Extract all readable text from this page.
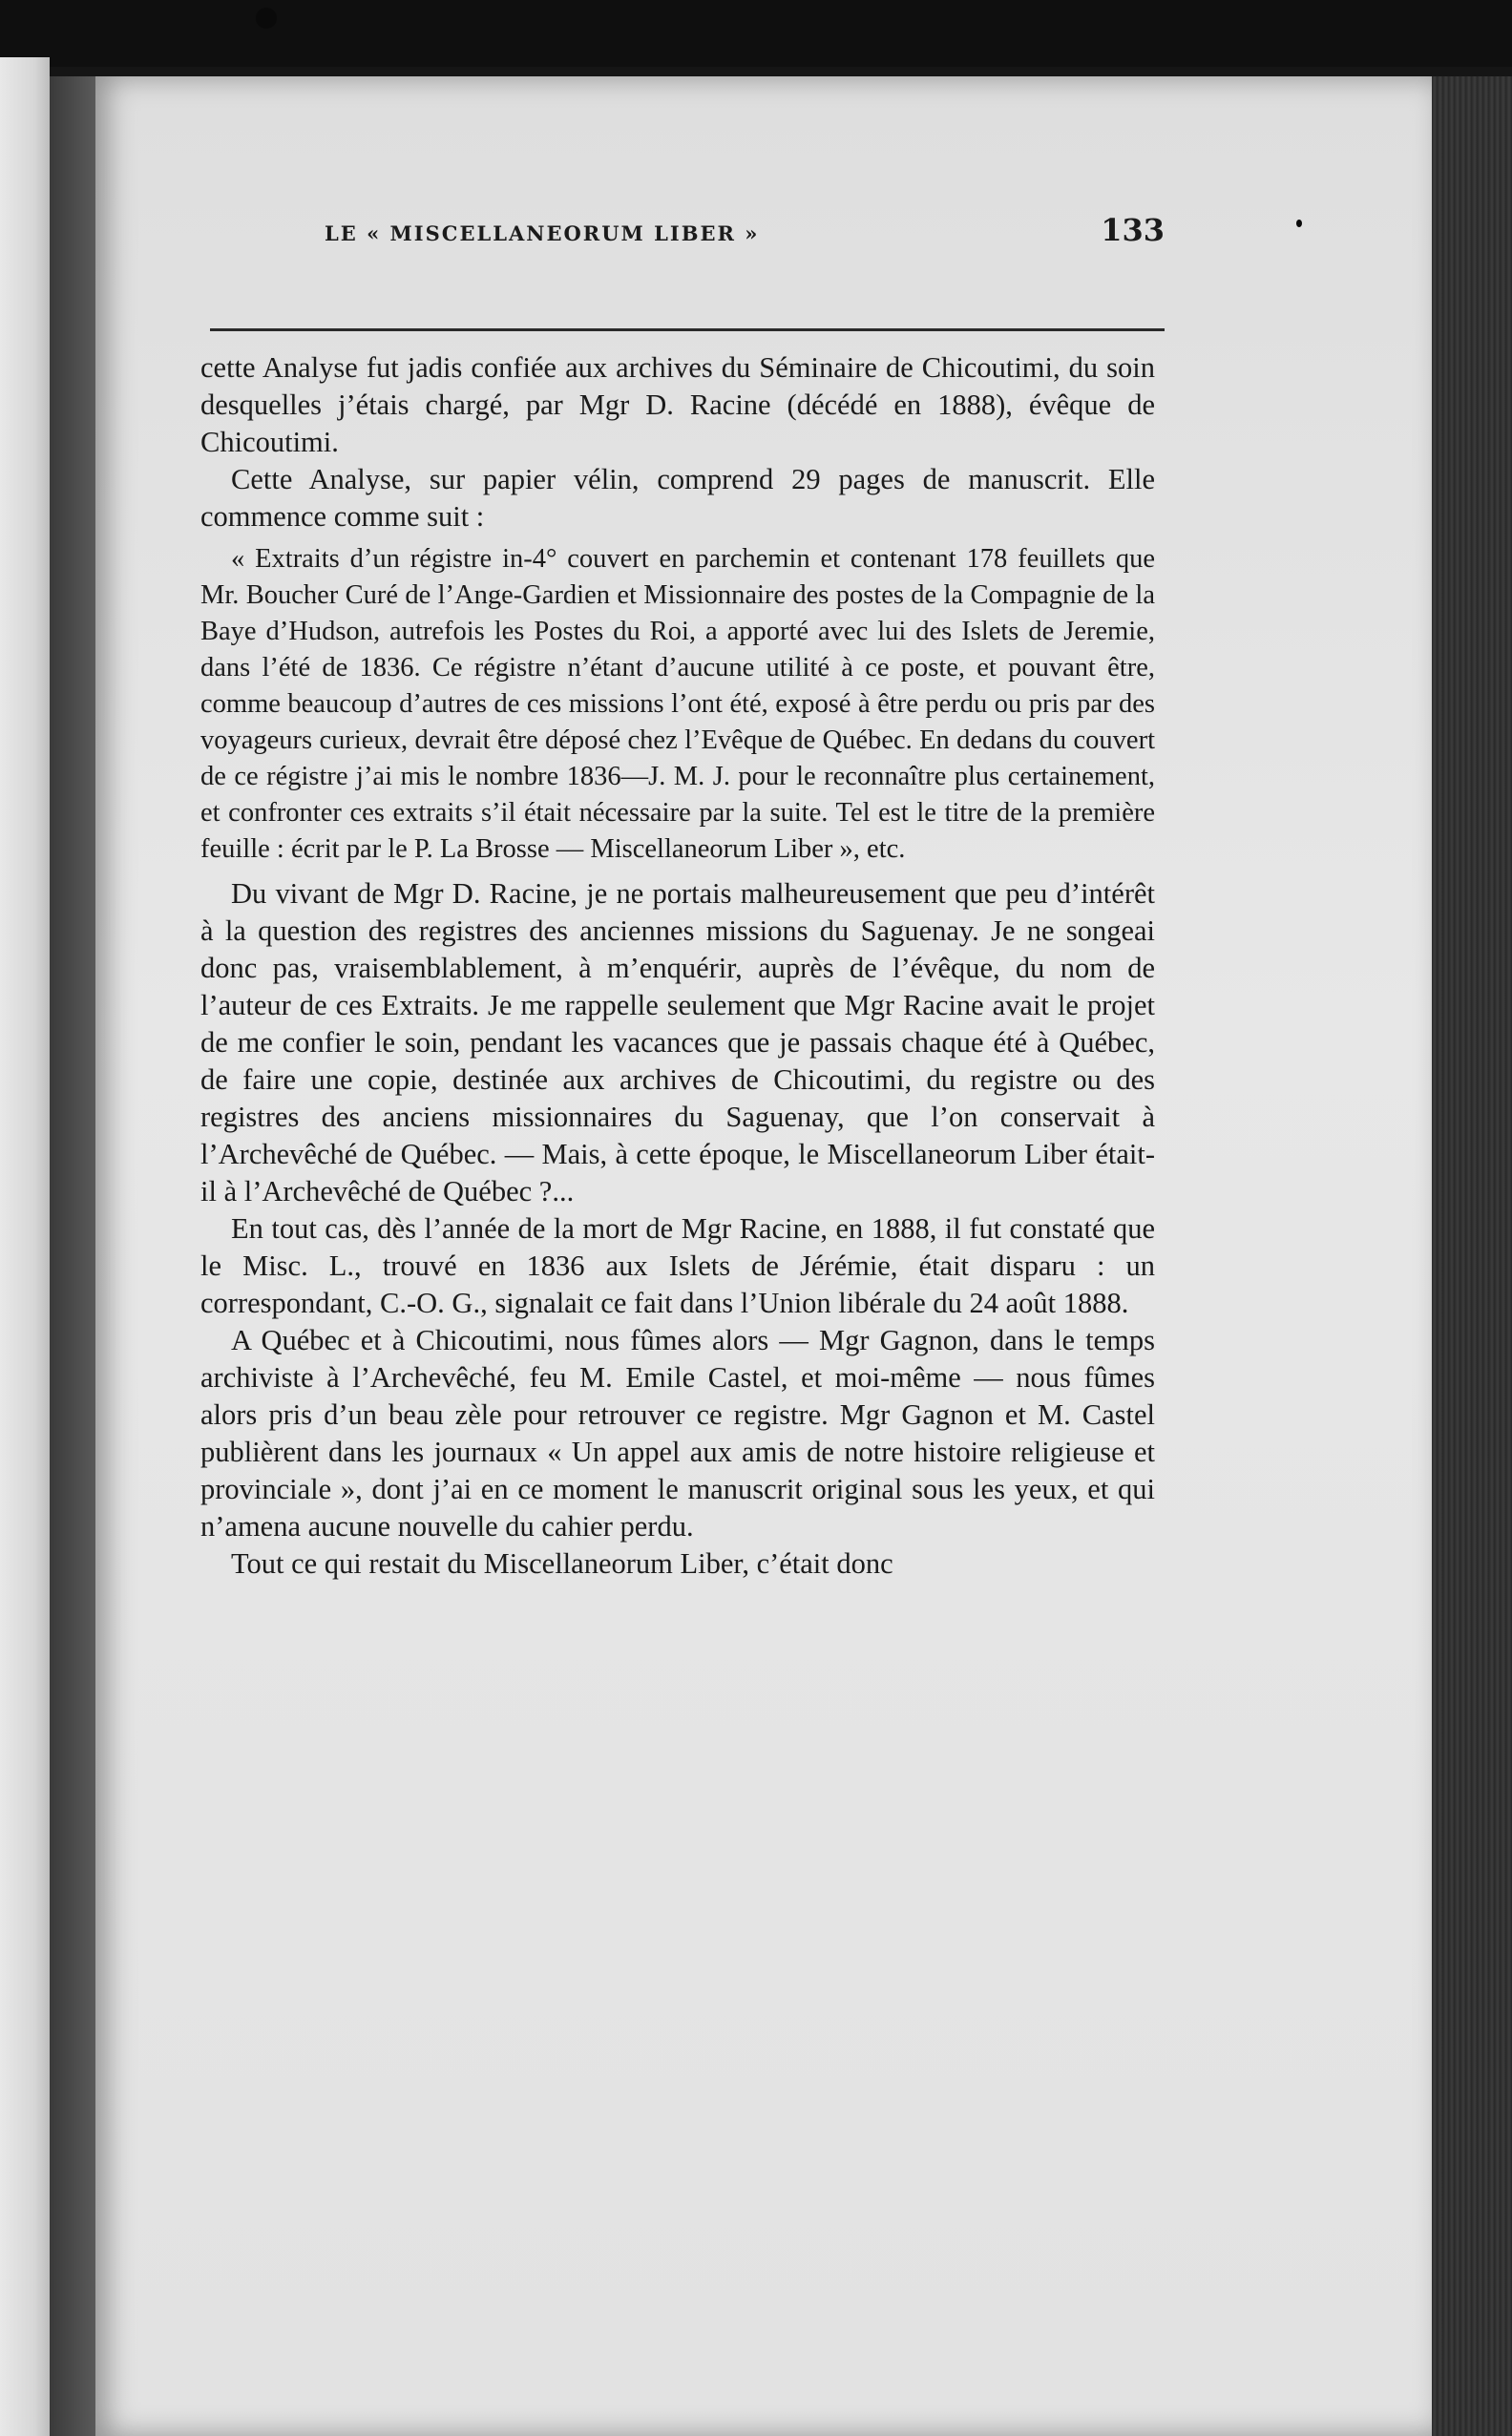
LE « MISCELLANEORUM LIBER »	133

cette Analyse fut jadis confiée aux archives du Séminaire de Chicoutimi, du soin desquelles j’étais chargé, par Mgr D. Racine (décédé en 1888), évêque de Chicoutimi.

Cette Analyse, sur papier vélin, comprend 29 pages de manuscrit. Elle commence comme suit :

« Extraits d’un régistre in-4° couvert en parchemin et contenant 178 feuillets que Mr. Boucher Curé de l’Ange-Gardien et Missionnaire des postes de la Compagnie de la Baye d’Hudson, autrefois les Postes du Roi, a apporté avec lui des Islets de Jeremie, dans l’été de 1836. Ce régistre n’étant d’aucune utilité à ce poste, et pouvant être, comme beaucoup d’autres de ces missions l’ont été, exposé à être perdu ou pris par des voyageurs curieux, devrait être déposé chez l’Evêque de Québec. En dedans du couvert de ce régistre j’ai mis le nombre 1836—J. M. J. pour le reconnaître plus certainement, et confronter ces extraits s’il était nécessaire par la suite. Tel est le titre de la première feuille : écrit par le P. La Brosse — Miscellaneorum Liber », etc.

Du vivant de Mgr D. Racine, je ne portais malheureusement que peu d’intérêt à la question des registres des anciennes missions du Saguenay. Je ne songeai donc pas, vraisemblablement, à m’enquérir, auprès de l’évêque, du nom de l’auteur de ces Extraits. Je me rappelle seulement que Mgr Racine avait le projet de me confier le soin, pendant les vacances que je passais chaque été à Québec, de faire une copie, destinée aux archives de Chicoutimi, du registre ou des registres des anciens missionnaires du Saguenay, que l’on conservait à l’Archevêché de Québec. — Mais, à cette époque, le Miscellaneorum Liber était-il à l’Archevêché de Québec ?...

En tout cas, dès l’année de la mort de Mgr Racine, en 1888, il fut constaté que le Misc. L., trouvé en 1836 aux Islets de Jérémie, était disparu : un correspondant, C.-O. G., signalait ce fait dans l’Union libérale du 24 août 1888.

A Québec et à Chicoutimi, nous fûmes alors — Mgr Gagnon, dans le temps archiviste à l’Archevêché, feu M. Emile Castel, et moi-même — nous fûmes alors pris d’un beau zèle pour retrouver ce registre. Mgr Gagnon et M. Castel publièrent dans les journaux « Un appel aux amis de notre histoire religieuse et provinciale », dont j’ai en ce moment le manuscrit original sous les yeux, et qui n’amena aucune nouvelle du cahier perdu.

Tout ce qui restait du Miscellaneorum Liber, c’était donc
